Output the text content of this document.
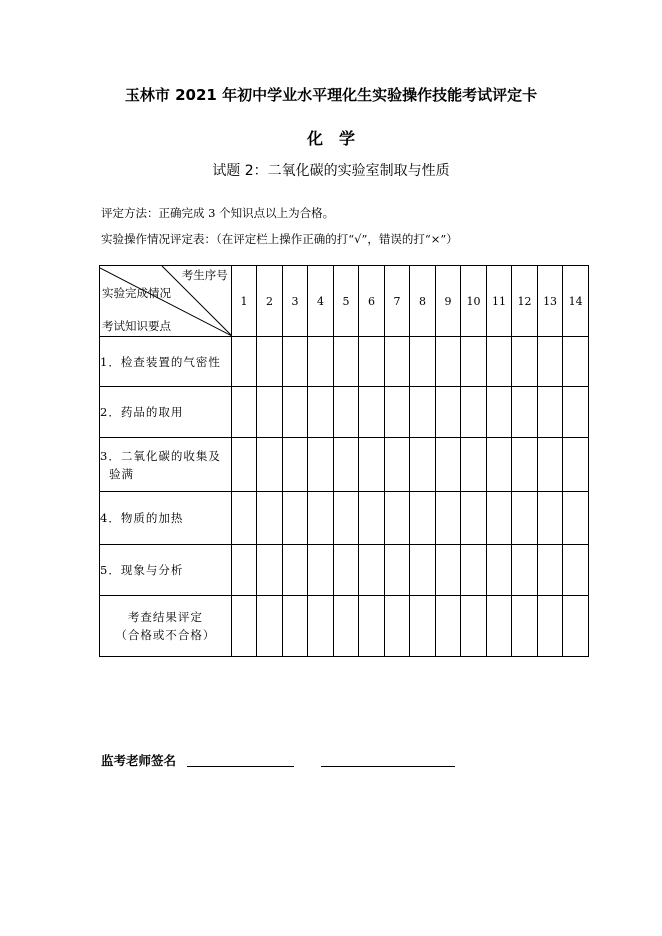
玉林市 2021 年初中学业水平理化生实验操作技能考试评定卡
化　学
试题 2：二氧化碳的实验室制取与性质
评定方法：正确完成 3 个知识点以上为合格。
实验操作情况评定表：（在评定栏上操作正确的打“√”，错误的打“×”）
考生序号
实验完成情况
考试知识要点	1	2	3	4	5	6	7	8	9	10	11	12	13	14

1．检查装置的气密性														

2．药品的取用														

3．二氧化碳的收集及
验满														

4．物质的加热														

5．现象与分析														

考查结果评定
（合格或不合格）														

监考老师签名
